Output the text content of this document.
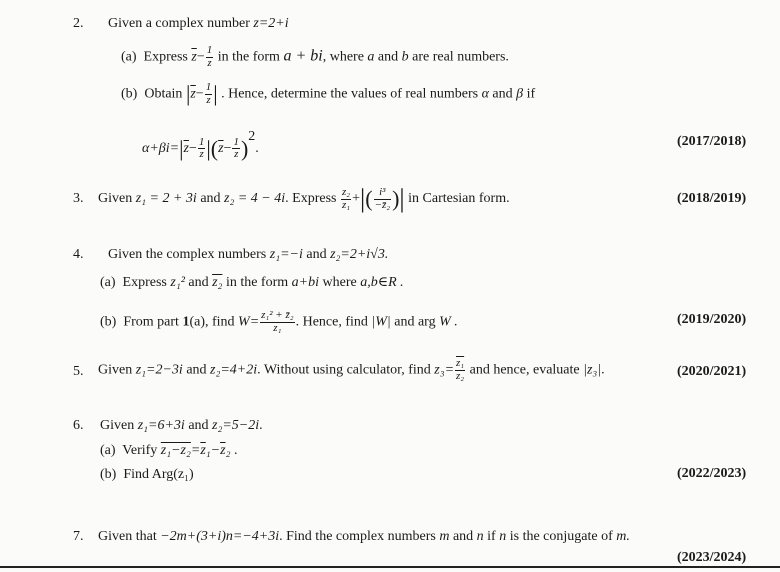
2. Given a complex number z=2+i
(a) Express $\overline{z}- \frac{1}{z}$ in the form a + bi, where a and b are real numbers.
(b) Obtain $|\overline{z}- \frac{1}{z}$ | . Hence, determine the values of real numbers α and β if
$\alpha+\beta i=|\overline{z}- \frac{1}{z} |(\overline{z}- \frac{1}{z} )2$.	(2017/2018)
3. Given z₁ = 2 + 3i and z₂ = 4 − 4i. Express $\frac{\text{z₂}}{\text{z₁}}$ +|( $\frac{\text{i³}}{\text{−z̄₂}}$ )| in Cartesian form.	(2018/2019)
4. Given the complex numbers z₁=−i and z₂=2+i√3.
(a) Express z₁² and z₂ in the form a+bi where a,b∈R .
(b) From part 1(a), find $W= \frac{\text{z₁² + z̄₂}}{\text{z₁}}$ . Hence, find |W| and arg W .	(2019/2020)
5. Given z₁=2−3i and z₂=4+2i. Without using calculator, find $z_3= \frac{\text{z₁}}{\text{z₂}}$ and hence, evaluate |z₃|.	(2020/2021)
6. Given z₁=6+3i and z₂=5−2i.
(a) Verify $z_1-z_2=\overline{z}_1-\overline{z}_2$ .
(b) Find Arg(z₁)	(2022/2023)
7. Given that −2m+(3+i)n=−4+3i. Find the complex numbers m and n if n is the conjugate of m.
(2023/2024)
